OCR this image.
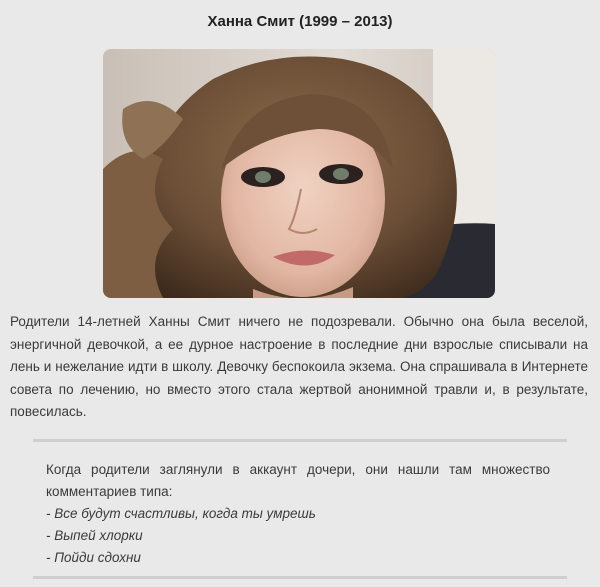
Ханна Смит (1999 – 2013)

Родители 14-летней Ханны Смит ничего не подозревали. Обычно она была веселой, энергичной девочкой, а ее дурное настроение в последние дни взрослые списывали на лень и нежелание идти в школу. Девочку беспокоила экзема. Она спрашивала в Интернете совета по лечению, но вместо этого стала жертвой анонимной травли и, в результате, повесилась.

Когда родители заглянули в аккаунт дочери, они нашли там множество комментариев типа:

- Все будут счастливы, когда ты умрешь
- Выпей хлорки
- Пойди сдохни
